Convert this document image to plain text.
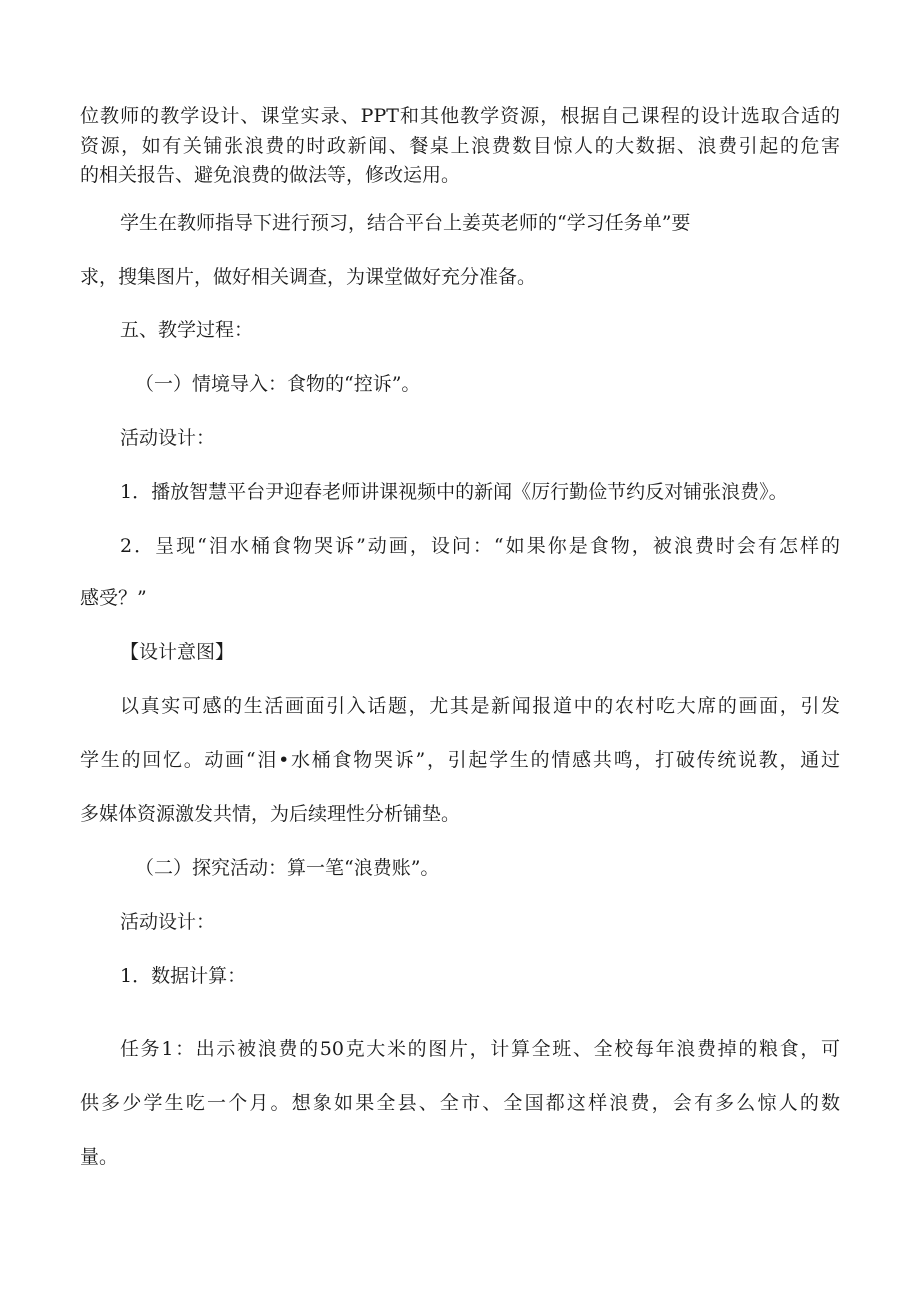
位教师的教学设计、课堂实录、PPT和其他教学资源，根据自己课程的设计选取合适的
资源，如有关铺张浪费的时政新闻、餐桌上浪费数目惊人的大数据、浪费引起的危害
的相关报告、避免浪费的做法等，修改运用。
学生在教师指导下进行预习，结合平台上姜英老师的“学习任务单”要
求，搜集图片，做好相关调查，为课堂做好充分准备。
五、教学过程：
（一）情境导入：食物的“控诉”。
活动设计：
1．播放智慧平台尹迎春老师讲课视频中的新闻《厉行勤俭节约反对铺张浪费》。
2．呈现“泪水桶食物哭诉”动画，设问：“如果你是食物，被浪费时会有怎样的
感受？”
【设计意图】
以真实可感的生活画面引入话题，尤其是新闻报道中的农村吃大席的画面，引发
学生的回忆。动画“泪•水桶食物哭诉”，引起学生的情感共鸣，打破传统说教，通过
多媒体资源激发共情，为后续理性分析铺垫。
（二）探究活动：算一笔“浪费账”。
活动设计：
1．数据计算：
任务1：出示被浪费的50克大米的图片，计算全班、全校每年浪费掉的粮食，可
供多少学生吃一个月。想象如果全县、全市、全国都这样浪费，会有多么惊人的数
量。
